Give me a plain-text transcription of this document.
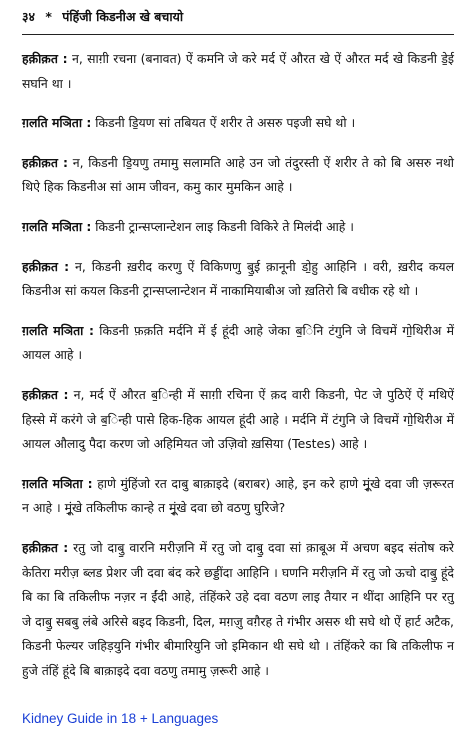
३४ * पंहिंजी किडनीअ खे बचायो

हक़ीक़त : न, साग़ी रचना (बनावत) ऐं कमनि जे करे मर्द ऐं औरत खे ऐं औरत मर्द खे किडनी डे॒ई सघनि था ।

ग़लति मञिता : किडनी डि॒यण सां तबियत ऐं शरीर ते असरु पइजी सघे थो ।

हक़ीक़त : न, किडनी डि॒यणु तमामु सलामति आहे उन जो तंदुरस्ती ऐं शरीर ते को बि असरु नथो थिऐ हिक किडनीअ सां आम जीवन, कमु कार मुमकिन आहे ।

ग़लति मञिता : किडनी ट्रान्सप्लान्टेशन लाइ किडनी विकिरे ते मिलंदी आहे ।

हक़ीक़त : न, किडनी ख़रीद करणु ऐं विकिणणु बु॒ई क़ानूनी डो॒हु आहिनि । वरी, ख़रीद कयल किडनीअ सां कयल किडनी ट्रान्सप्लान्टेशन में नाकामियाबीअ जो ख़तिरो बि वधीक रहे थो ।

ग़लति मञिता : किडनी फ़क़ति मर्दनि में ई हूंदी आहे जेका ब॒िनि टंगुनि जे विचमें गो॒थिरीअ में आयल आहे ।

हक़ीक़त : न, मर्द ऐं औरत ब॒िन्ही में साग़ी रचिना ऐं क़द वारी किडनी, पेट जे पुठिऐं ऐं मथिऐं हिस्से में करंगे जे ब॒िन्ही पासे हिक-हिक आयल हूंदी आहे । मर्दनि में टंगुनि जे विचमें गो॒थिरीअ में आयल औलादु पैदा करण जो अहिमियत जो उज़िवो ख़सिया (Testes) आहे ।

ग़लति मञिता : हाणे मुंहिंजो रत दाबु बाक़ाइदे (बराबर) आहे, इन करे हाणे मूं॒खे दवा जी ज़रूरत न आहे । मूं॒खे तकिलीफ कान्हे त मूं॒खे दवा छो वठणु घुरिजे?

हक़ीक़त : रतु जो दाबु॒ वारनि मरीज़नि में रतु जो दाबु॒ दवा सां क़ाबूअ में अचण बइद संतोष करे केतिरा मरीज़ ब्लड प्रेशर जी दवा बंद करे छड्डींदा आहिनि । घणनि मरीज़नि में रतु जो ऊचो दाबु॒ हूंदे बि का बि तकिलीफ नज़र न ईंदी आहे, तंहिंकरे उहे दवा वठण लाइ तैयार न थींदा आहिनि पर रतु जे दाबु॒ सबबु लंबे अरिसे बइद किडनी, दिल, मग़ज़ु वग़ैरह ते गंभीर असरु थी सघे थो ऐं हार्ट अटैक, किडनी फेल्यर जहिड़युनि गंभीर बीमारियुनि जो इमिकान थी सघे थो । तंहिंकरे का बि तकिलीफ न हुजे तंहिं हूंदे बि बाक़ाइदे दवा वठणु तमामु ज़रूरी आहे ।

Kidney Guide in 18 + Languages
